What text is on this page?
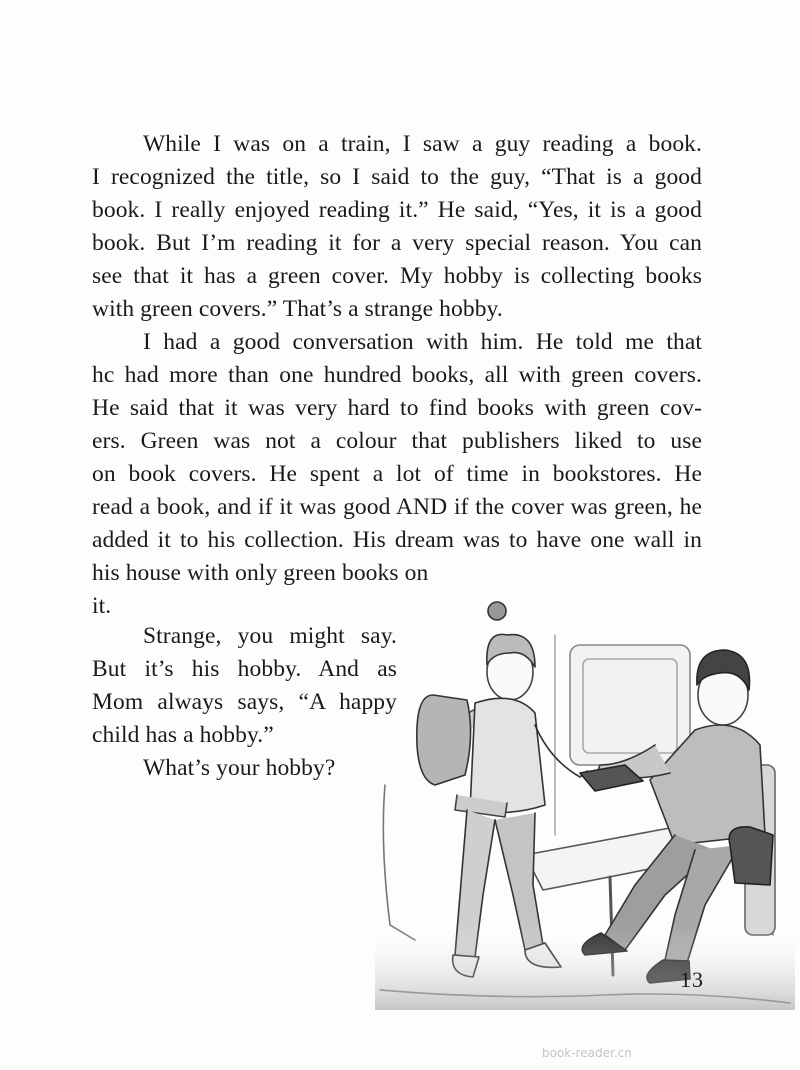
While I was on a train, I saw a guy reading a book.
I recognized the title, so I said to the guy, “That is a good
book. I really enjoyed reading it.” He said, “Yes, it is a good
book. But I’m reading it for a very special reason. You can
see that it has a green cover. My hobby is collecting books
with green covers.” That’s a strange hobby.
I had a good conversation with him. He told me that
hc had more than one hundred books, all with green covers.
He said that it was very hard to find books with green cov-
ers. Green was not a colour that publishers liked to use
on book covers. He spent a lot of time in bookstores. He
read a book, and if it was good AND if the cover was green, he
added it to his collection. His dream was to have one wall in
his house with only green books on
it.
Strange, you might say.
But it’s his hobby. And as
Mom always says, “A happy
child has a hobby.”
What’s your hobby?
13
book-reader.cn
